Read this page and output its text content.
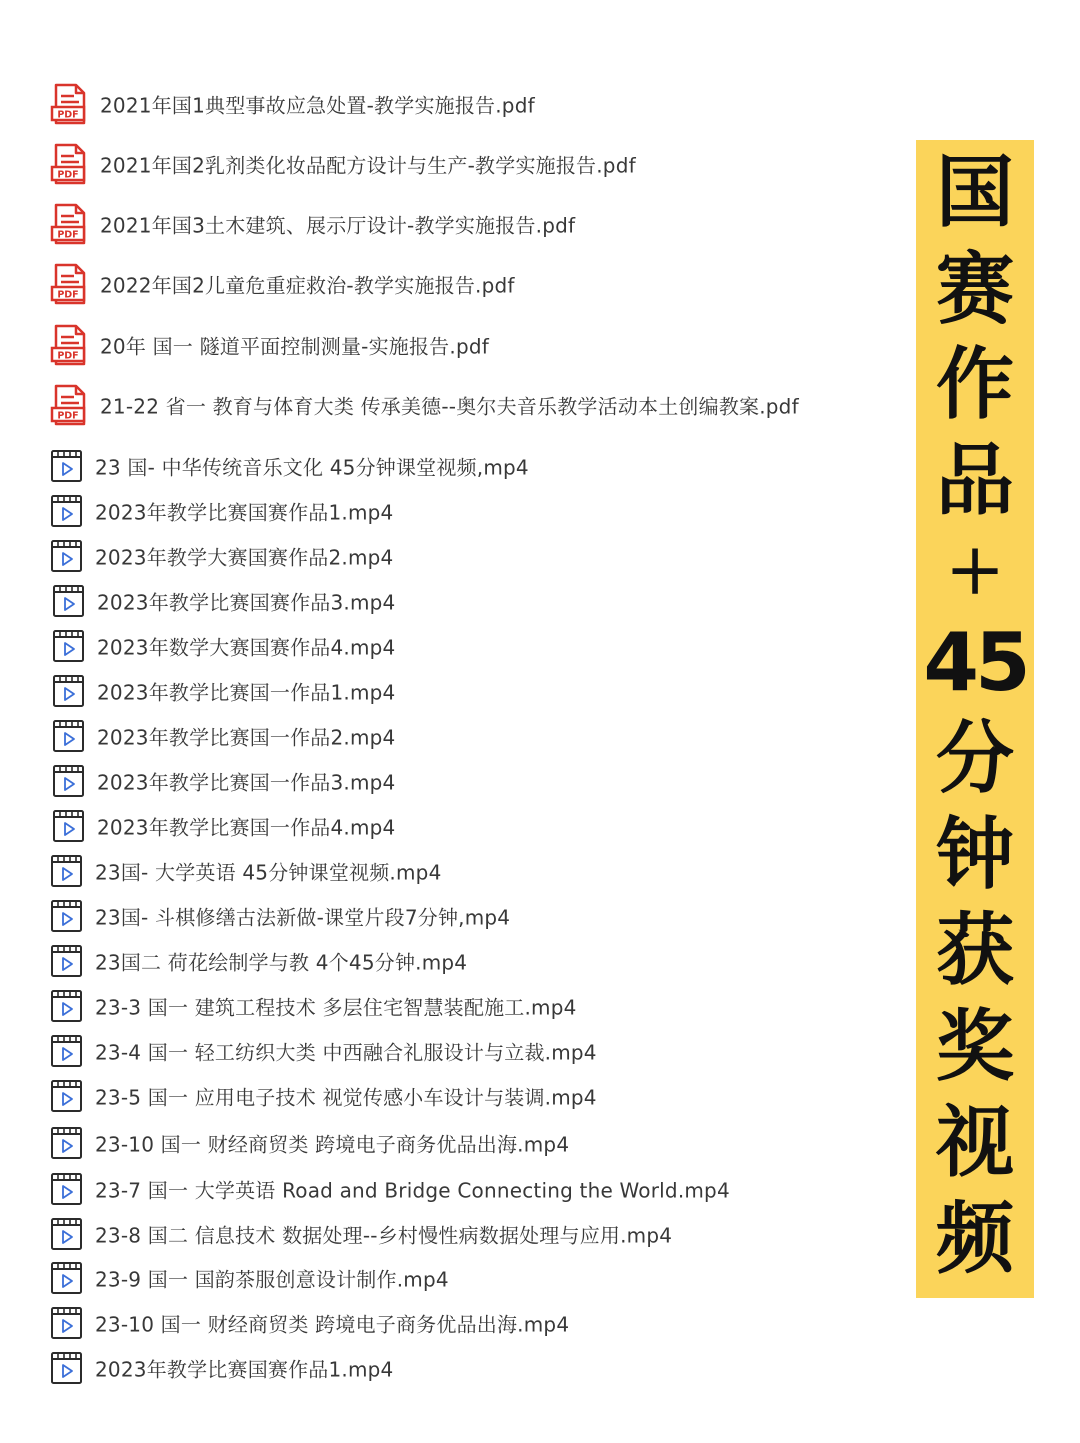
PDF 2021年国1典型事故应急处置-教学实施报告.pdf
PDF 2021年国2乳剂类化妆品配方设计与生产-教学实施报告.pdf
PDF 2021年国3土木建筑、展示厅设计-教学实施报告.pdf
PDF 2022年国2儿童危重症救治-教学实施报告.pdf
PDF 20年 国一 隧道平面控制测量-实施报告.pdf
PDF 21-22 省一 教育与体育大类 传承美德--奥尔夫音乐教学活动本土创编教案.pdf
23 国- 中华传统音乐文化 45分钟课堂视频,mp4
2023年教学比赛国赛作品1.mp4
2023年教学大赛国赛作品2.mp4
2023年教学比赛国赛作品3.mp4
2023年数学大赛国赛作品4.mp4
2023年教学比赛国一作品1.mp4
2023年教学比赛国一作品2.mp4
2023年教学比赛国一作品3.mp4
2023年教学比赛国一作品4.mp4
23国- 大学英语 45分钟课堂视频.mp4
23国- 斗棋修缮古法新做-课堂片段7分钟,mp4
23国二 荷花绘制学与教 4个45分钟.mp4
23-3 国一 建筑工程技术 多层住宅智慧装配施工.mp4
23-4 国一 轻工纺织大类 中西融合礼服设计与立裁.mp4
23-5 国一 应用电子技术 视觉传感小车设计与装调.mp4
23-10 国一 财经商贸类 跨境电子商务优品出海.mp4
23-7 国一 大学英语 Road and Bridge Connecting the World.mp4
23-8 国二 信息技术 数据处理--乡村慢性病数据处理与应用.mp4
23-9 国一 国韵茶服创意设计制作.mp4
23-10 国一 财经商贸类 跨境电子商务优品出海.mp4
2023年教学比赛国赛作品1.mp4
国
赛
作
品
+
45
分
钟
获
奖
视
频
